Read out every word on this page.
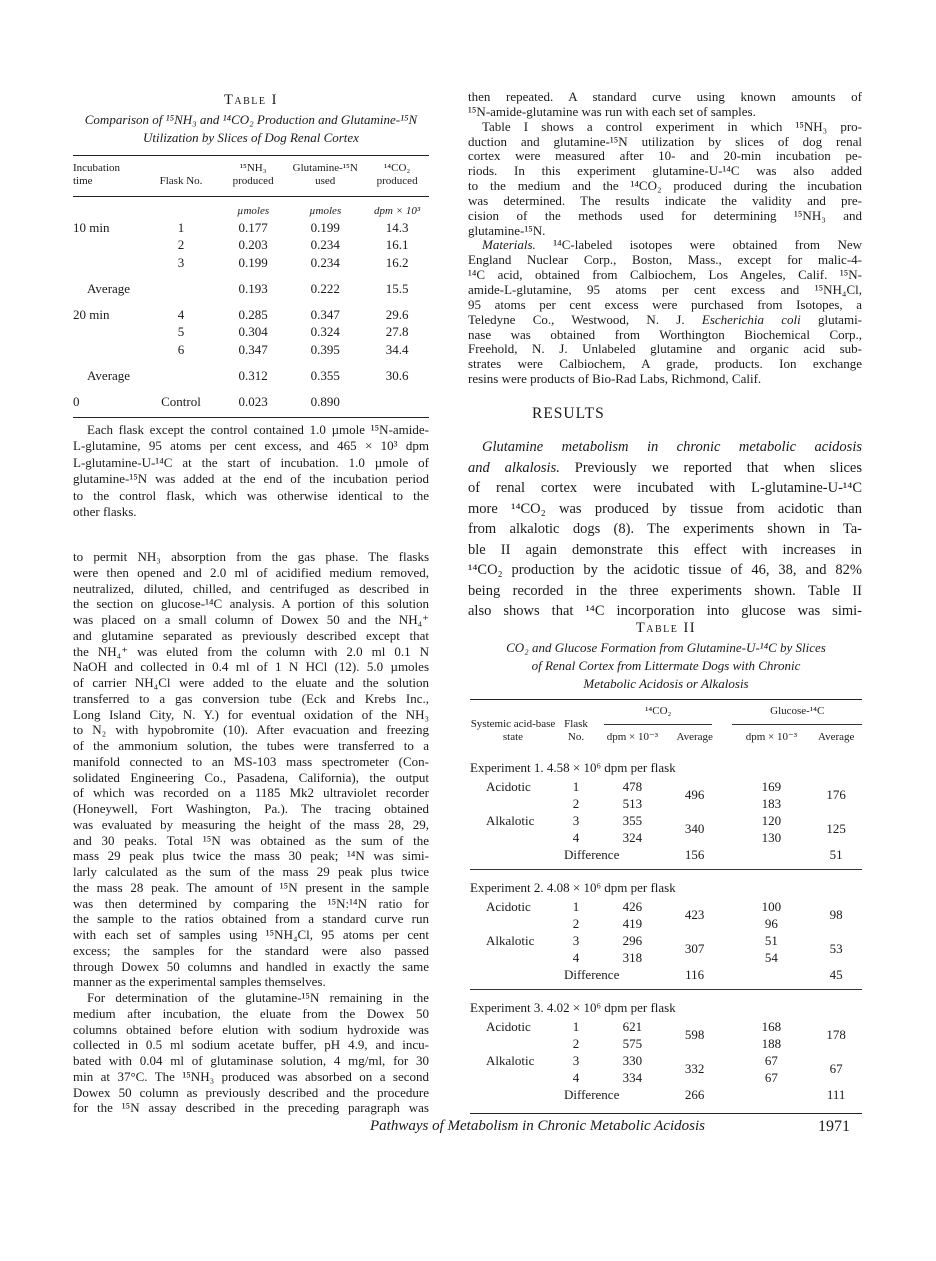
Table I
Comparison of ¹⁵NH₃ and ¹⁴CO₂ Production and Glutamine-¹⁵N
Utilization by Slices of Dog Renal Cortex
Incubation time	Flask No.	¹⁵NH₃ produced	Glutamine-¹⁵N used	¹⁴CO₂ produced
		µmoles	µmoles	dpm × 10³
10 min	1	0.177	0.199	14.3
	2	0.203	0.234	16.1
	3	0.199	0.234	16.2
Average		0.193	0.222	15.5
20 min	4	0.285	0.347	29.6
	5	0.304	0.324	27.8
	6	0.347	0.395	34.4
Average		0.312	0.355	30.6
0	Control	0.023	0.890	
Each flask except the control contained 1.0 µmole ¹⁵N-amide-
L-glutamine, 95 atoms per cent excess, and 465 × 10³ dpm
L-glutamine-U-¹⁴C at the start of incubation. 1.0 µmole of
glutamine-¹⁵N was added at the end of the incubation period
to the control flask, which was otherwise identical to the
other flasks.
to permit NH₃ absorption from the gas phase. The flasks
were then opened and 2.0 ml of acidified medium removed,
neutralized, diluted, chilled, and centrifuged as described in
the section on glucose-¹⁴C analysis. A portion of this solution
was placed on a small column of Dowex 50 and the NH₄⁺
and glutamine separated as previously described except that
the NH₄⁺ was eluted from the column with 2.0 ml 0.1 N
NaOH and collected in 0.4 ml of 1 N HCl (12). 5.0 µmoles
of carrier NH₄Cl were added to the eluate and the solution
transferred to a gas conversion tube (Eck and Krebs Inc.,
Long Island City, N. Y.) for eventual oxidation of the NH₃
to N₂ with hypobromite (10). After evacuation and freezing
of the ammonium solution, the tubes were transferred to a
manifold connected to an MS-103 mass spectrometer (Con-
solidated Engineering Co., Pasadena, California), the output
of which was recorded on a 1185 Mk2 ultraviolet recorder
(Honeywell, Fort Washington, Pa.). The tracing obtained
was evaluated by measuring the height of the mass 28, 29,
and 30 peaks. Total ¹⁵N was obtained as the sum of the
mass 29 peak plus twice the mass 30 peak; ¹⁴N was simi-
larly calculated as the sum of the mass 29 peak plus twice
the mass 28 peak. The amount of ¹⁵N present in the sample
was then determined by comparing the ¹⁵N:¹⁴N ratio for
the sample to the ratios obtained from a standard curve run
with each set of samples using ¹⁵NH₄Cl, 95 atoms per cent
excess; the samples for the standard were also passed
through Dowex 50 columns and handled in exactly the same
manner as the experimental samples themselves.
For determination of the glutamine-¹⁵N remaining in the
medium after incubation, the eluate from the Dowex 50
columns obtained before elution with sodium hydroxide was
collected in 0.5 ml sodium acetate buffer, pH 4.9, and incu-
bated with 0.04 ml of glutaminase solution, 4 mg/ml, for 30
min at 37°C. The ¹⁵NH₃ produced was absorbed on a second
Dowex 50 column as previously described and the procedure
for the ¹⁵N assay described in the preceding paragraph was
then repeated. A standard curve using known amounts of
¹⁵N-amide-glutamine was run with each set of samples.
Table I shows a control experiment in which ¹⁵NH₃ pro-
duction and glutamine-¹⁵N utilization by slices of dog renal
cortex were measured after 10- and 20-min incubation pe-
riods. In this experiment glutamine-U-¹⁴C was also added
to the medium and the ¹⁴CO₂ produced during the incubation
was determined. The results indicate the validity and pre-
cision of the methods used for determining ¹⁵NH₃ and
glutamine-¹⁵N.
Materials. ¹⁴C-labeled isotopes were obtained from New
England Nuclear Corp., Boston, Mass., except for malic-4-
¹⁴C acid, obtained from Calbiochem, Los Angeles, Calif. ¹⁵N-
amide-L-glutamine, 95 atoms per cent excess and ¹⁵NH₄Cl,
95 atoms per cent excess were purchased from Isotopes, a
Teledyne Co., Westwood, N. J. Escherichia coli glutami-
nase was obtained from Worthington Biochemical Corp.,
Freehold, N. J. Unlabeled glutamine and organic acid sub-
strates were Calbiochem, A grade, products. Ion exchange
resins were products of Bio-Rad Labs, Richmond, Calif.
RESULTS
Glutamine metabolism in chronic metabolic acidosis
and alkalosis. Previously we reported that when slices
of renal cortex were incubated with L-glutamine-U-¹⁴C
more ¹⁴CO₂ was produced by tissue from acidotic than
from alkalotic dogs (8). The experiments shown in Ta-
ble II again demonstrate this effect with increases in
¹⁴CO₂ production by the acidotic tissue of 46, 38, and 82%
being recorded in the three experiments shown. Table II
also shows that ¹⁴C incorporation into glucose was simi-
Table II
CO₂ and Glucose Formation from Glutamine-U-¹⁴C by Slices
of Renal Cortex from Littermate Dogs with Chronic
Metabolic Acidosis or Alkalosis
Systemic acid-base state	Flask No.	¹⁴CO₂		Glucose-¹⁴C	

		dpm × 10⁻³	Average	dpm × 10⁻³	Average
Experiment 1. 4.58 × 10⁶ dpm per flask					
Acidotic	1	478	496	169	176
	2	513		183	
Alkalotic	3	355	340	120	125
	4	324		130	
	Difference		156		51
Experiment 2. 4.08 × 10⁶ dpm per flask					
Acidotic	1	426	423	100	98
	2	419		96	
Alkalotic	3	296	307	51	53
	4	318		54	
	Difference		116		45
Experiment 3. 4.02 × 10⁶ dpm per flask					
Acidotic	1	621	598	168	178
	2	575		188	
Alkalotic	3	330	332	67	67
	4	334		67	
	Difference		266		111
Pathways of Metabolism in Chronic Metabolic Acidosis	1971
